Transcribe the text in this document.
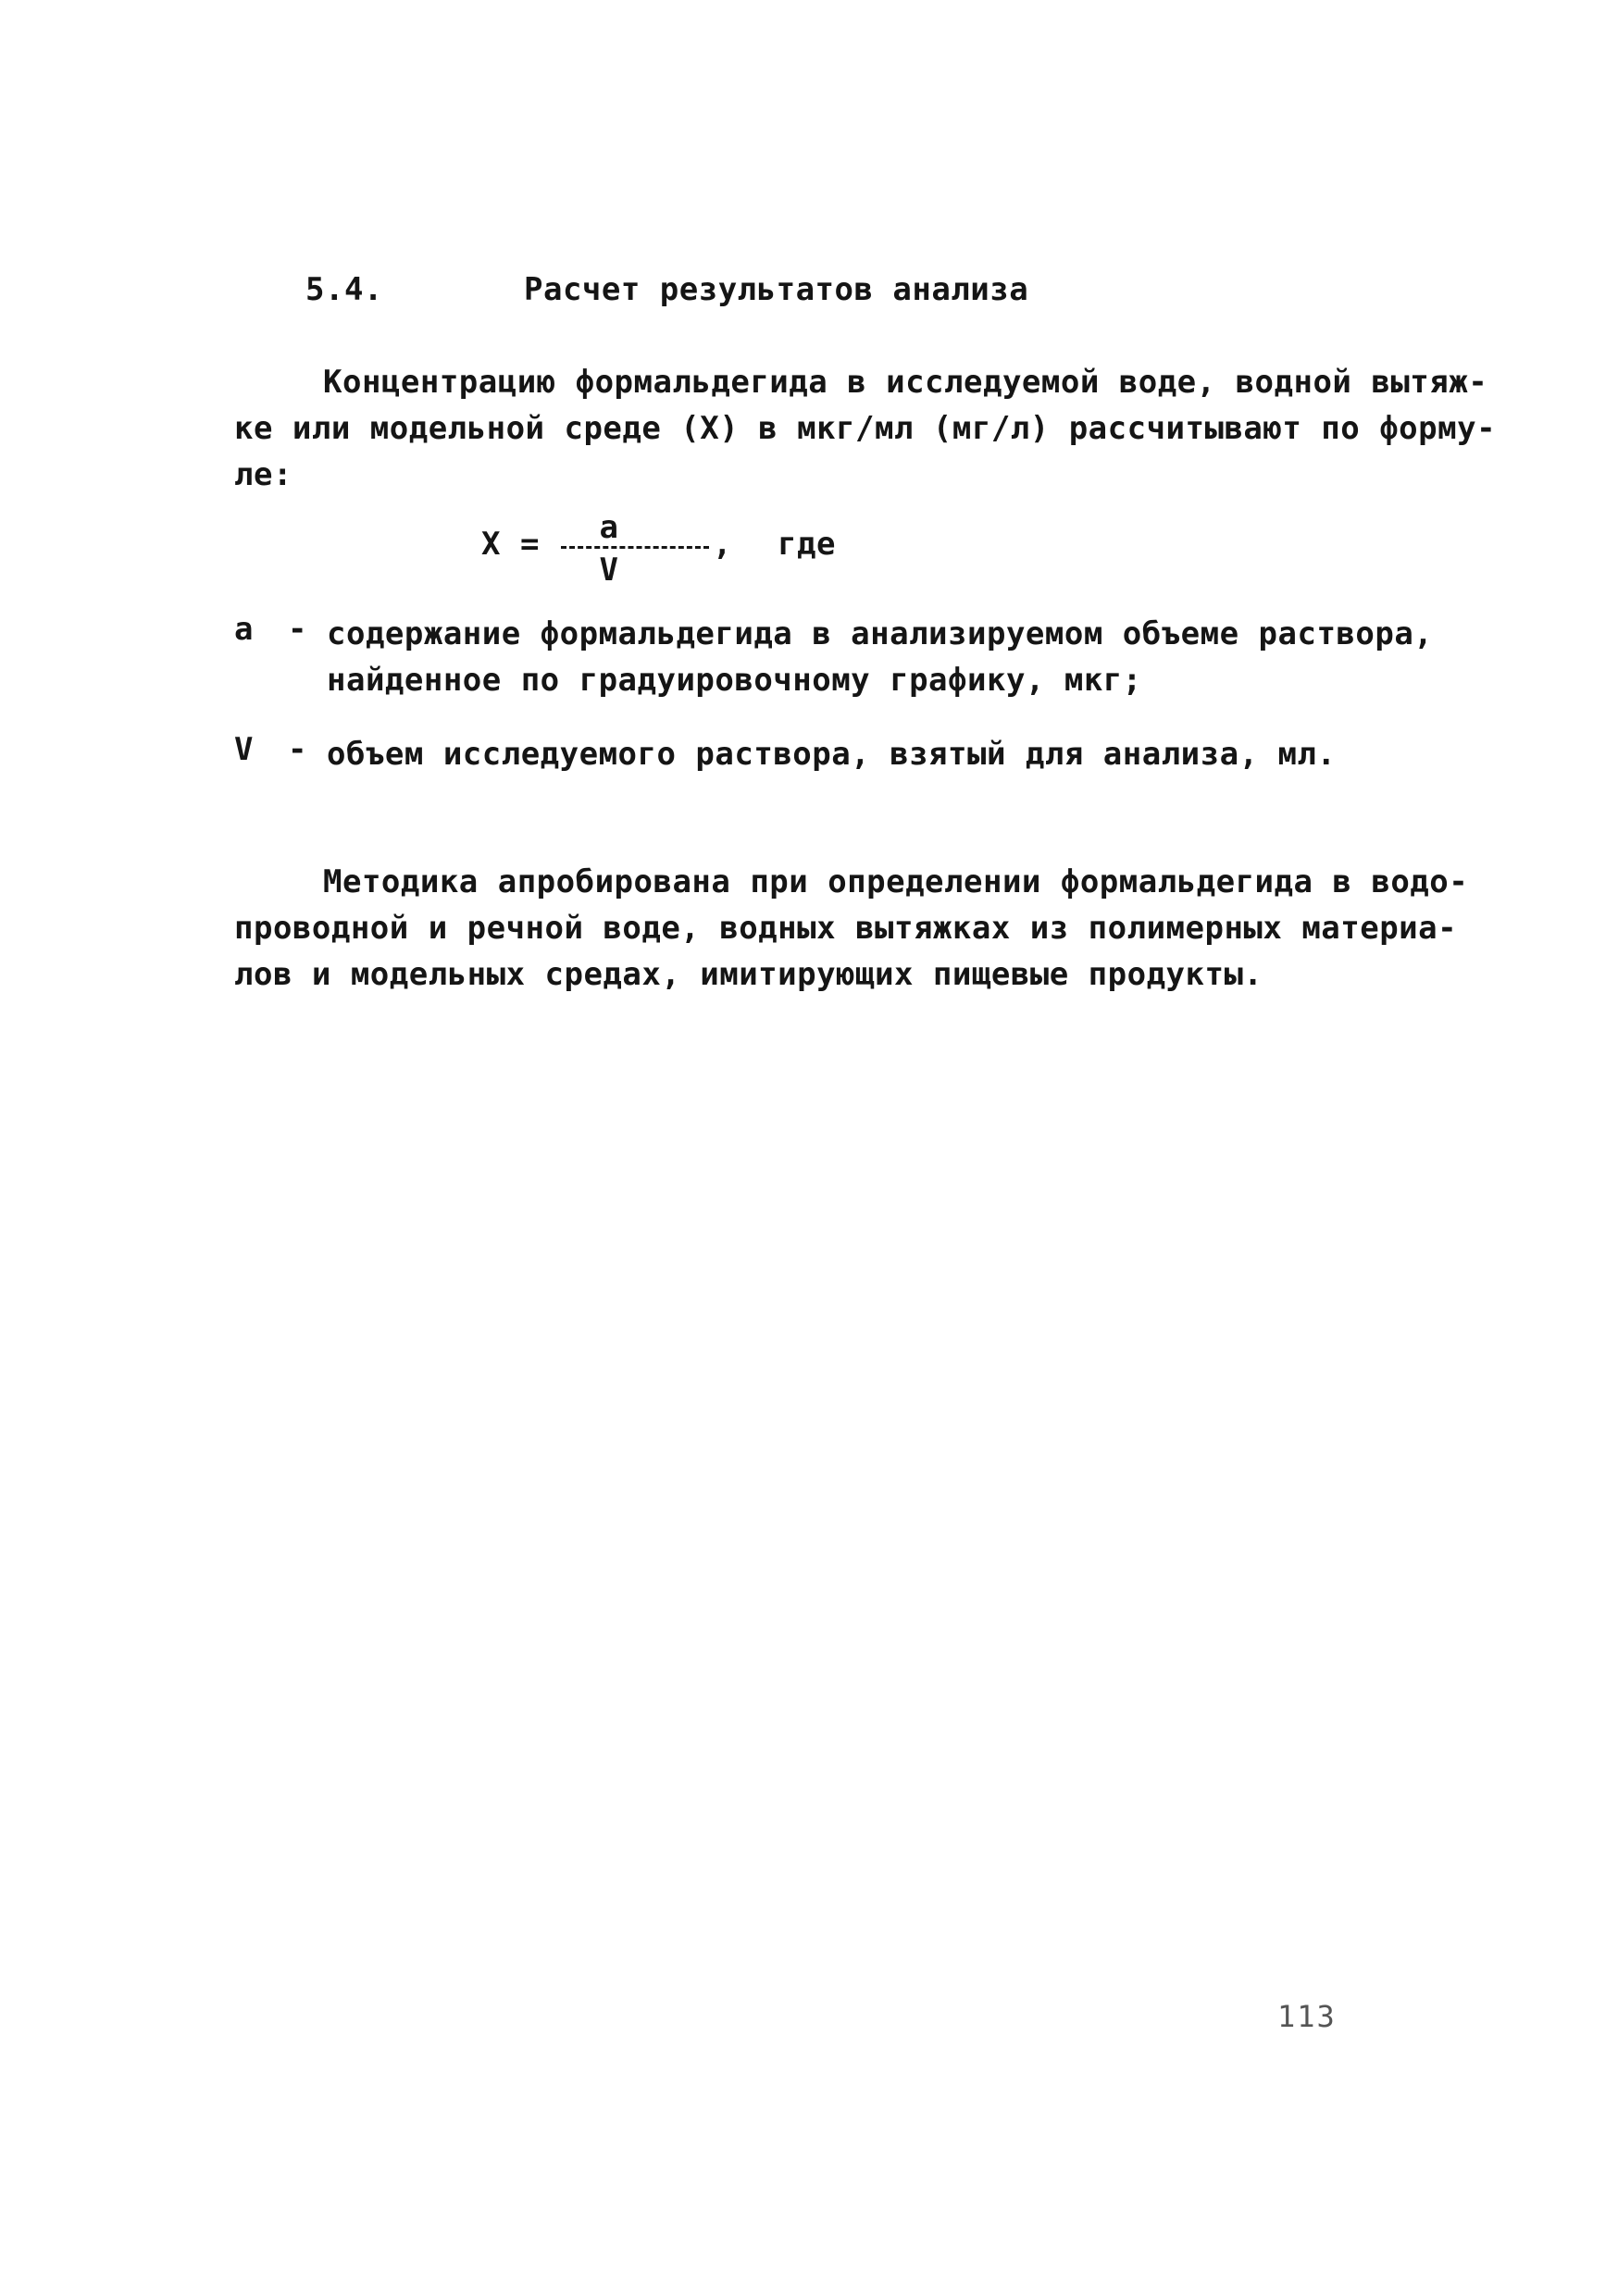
5.4.	Расчет результатов анализа
Концентрацию формальдегида в исследуемой воде, водной вытяж-
ке или модельной среде (X) в мкг/мл (мг/л) рассчитывают по форму-
ле:
X =	a
V
, где
a - содержание формальдегида в анализируемом объеме раствора,
найденное по градуировочному графику, мкг;
V - объем исследуемого раствора, взятый для анализа, мл.
Методика апробирована при определении формальдегида в водо-
проводной и речной воде, водных вытяжках из полимерных материа-
лов и модельных средах, имитирующих пищевые продукты.
113
